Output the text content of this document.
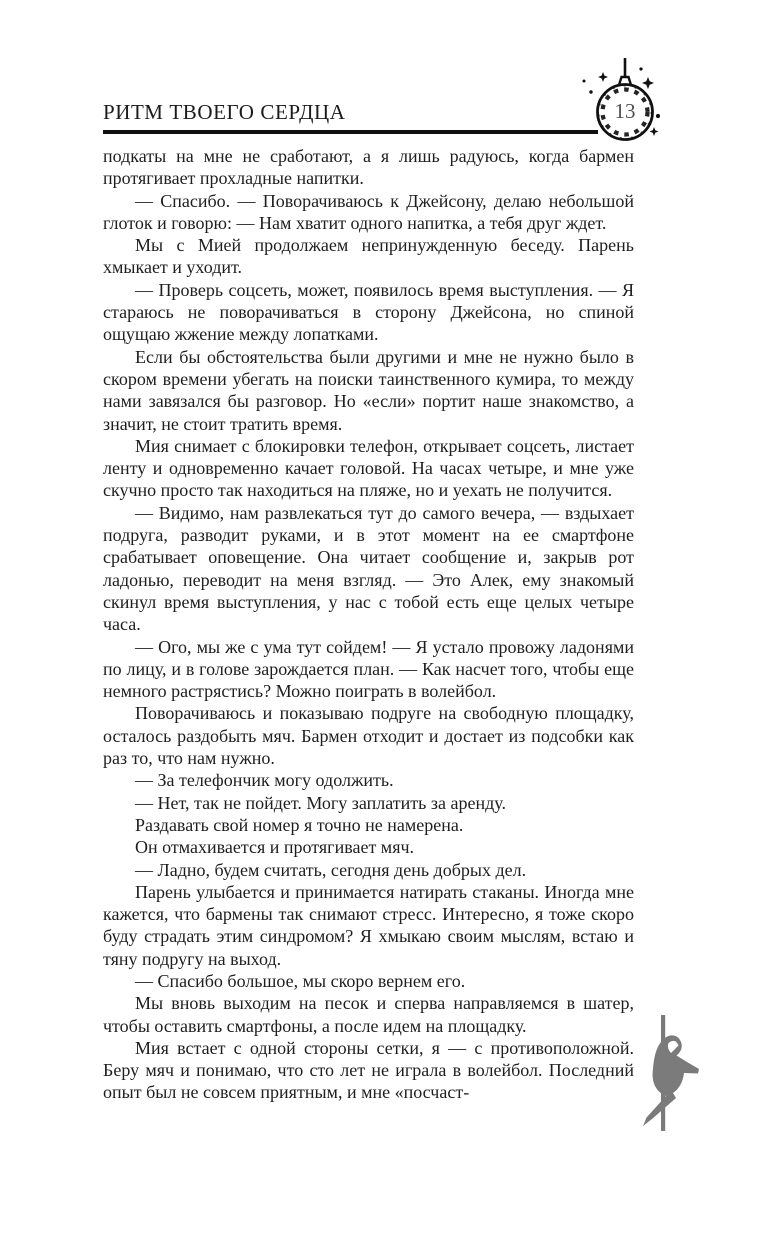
РИТМ ТВОЕГО СЕРДЦА	13

подкаты на мне не сработают, а я лишь радуюсь, когда бармен протягивает прохладные напитки.

— Спасибо. — Поворачиваюсь к Джейсону, делаю небольшой глоток и говорю: — Нам хватит одного напитка, а тебя друг ждет.

Мы с Мией продолжаем непринужденную беседу. Парень хмыкает и уходит.

— Проверь соцсеть, может, появилось время выступления. — Я стараюсь не поворачиваться в сторону Джейсона, но спиной ощущаю жжение между лопатками.

Если бы обстоятельства были другими и мне не нужно было в скором времени убегать на поиски таинственного кумира, то между нами завязался бы разговор. Но «если» портит наше знакомство, а значит, не стоит тратить время.

Мия снимает с блокировки телефон, открывает соцсеть, листает ленту и одновременно качает головой. На часах четыре, и мне уже скучно просто так находиться на пляже, но и уехать не получится.

— Видимо, нам развлекаться тут до самого вечера, — вздыхает подруга, разводит руками, и в этот момент на ее смартфоне срабатывает оповещение. Она читает сообщение и, закрыв рот ладонью, переводит на меня взгляд. — Это Алек, ему знакомый скинул время выступления, у нас с тобой есть еще целых четыре часа.

— Ого, мы же с ума тут сойдем! — Я устало провожу ладонями по лицу, и в голове зарождается план. — Как насчет того, чтобы еще немного растрястись? Можно поиграть в волейбол.

Поворачиваюсь и показываю подруге на свободную площадку, осталось раздобыть мяч. Бармен отходит и достает из подсобки как раз то, что нам нужно.

— За телефончик могу одолжить.

— Нет, так не пойдет. Могу заплатить за аренду.

Раздавать свой номер я точно не намерена.

Он отмахивается и протягивает мяч.

— Ладно, будем считать, сегодня день добрых дел.

Парень улыбается и принимается натирать стаканы. Иногда мне кажется, что бармены так снимают стресс. Интересно, я тоже скоро буду страдать этим синдромом? Я хмыкаю своим мыслям, встаю и тяну подругу на выход.

— Спасибо большое, мы скоро вернем его.

Мы вновь выходим на песок и сперва направляемся в шатер, чтобы оставить смартфоны, а после идем на площадку.

Мия встает с одной стороны сетки, я — с противоположной. Беру мяч и понимаю, что сто лет не играла в волейбол. Последний опыт был не совсем приятным, и мне «посчаст-
